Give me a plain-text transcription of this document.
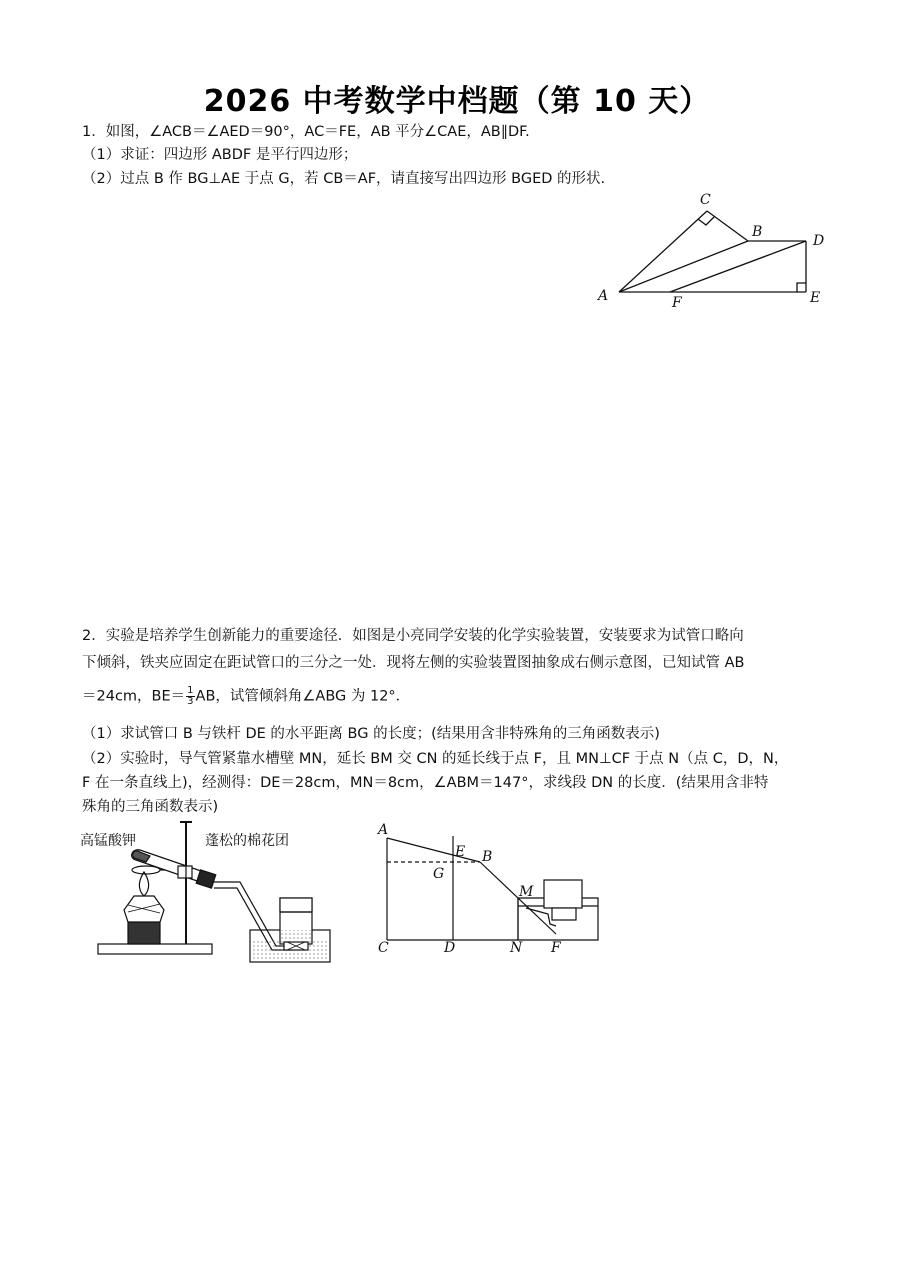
2026 中考数学中档题（第 10 天）
1．如图，∠ACB＝∠AED＝90°，AC＝FE，AB 平分∠CAE，AB∥DF.
（1）求证：四边形 ABDF 是平行四边形；
（2）过点 B 作 BG⊥AE 于点 G，若 CB＝AF，请直接写出四边形 BGED 的形状.
A
C
B
D
E
F
2．实验是培养学生创新能力的重要途径．如图是小亮同学安装的化学实验装置，安装要求为试管口略向
下倾斜，铁夹应固定在距试管口的三分之一处．现将左侧的实验装置图抽象成右侧示意图，已知试管 AB
＝24cm，$BE= \frac{1}{3}$ AB，试管倾斜角∠ABG 为 12°．
（1）求试管口 B 与铁杆 DE 的水平距离 BG 的长度；(结果用含非特殊角的三角函数表示)
（2）实验时，导气管紧靠水槽壁 MN，延长 BM 交 CN 的延长线于点 F，且 MN⊥CF 于点 N（点 C，D，N，
F 在一条直线上)，经测得：DE＝28cm，MN＝8cm，∠ABM＝147°，求线段 DN 的长度．(结果用含非特
殊角的三角函数表示)
高锰酸钾	蓬松的棉花团
A
E B
G
M
C	D	N F
